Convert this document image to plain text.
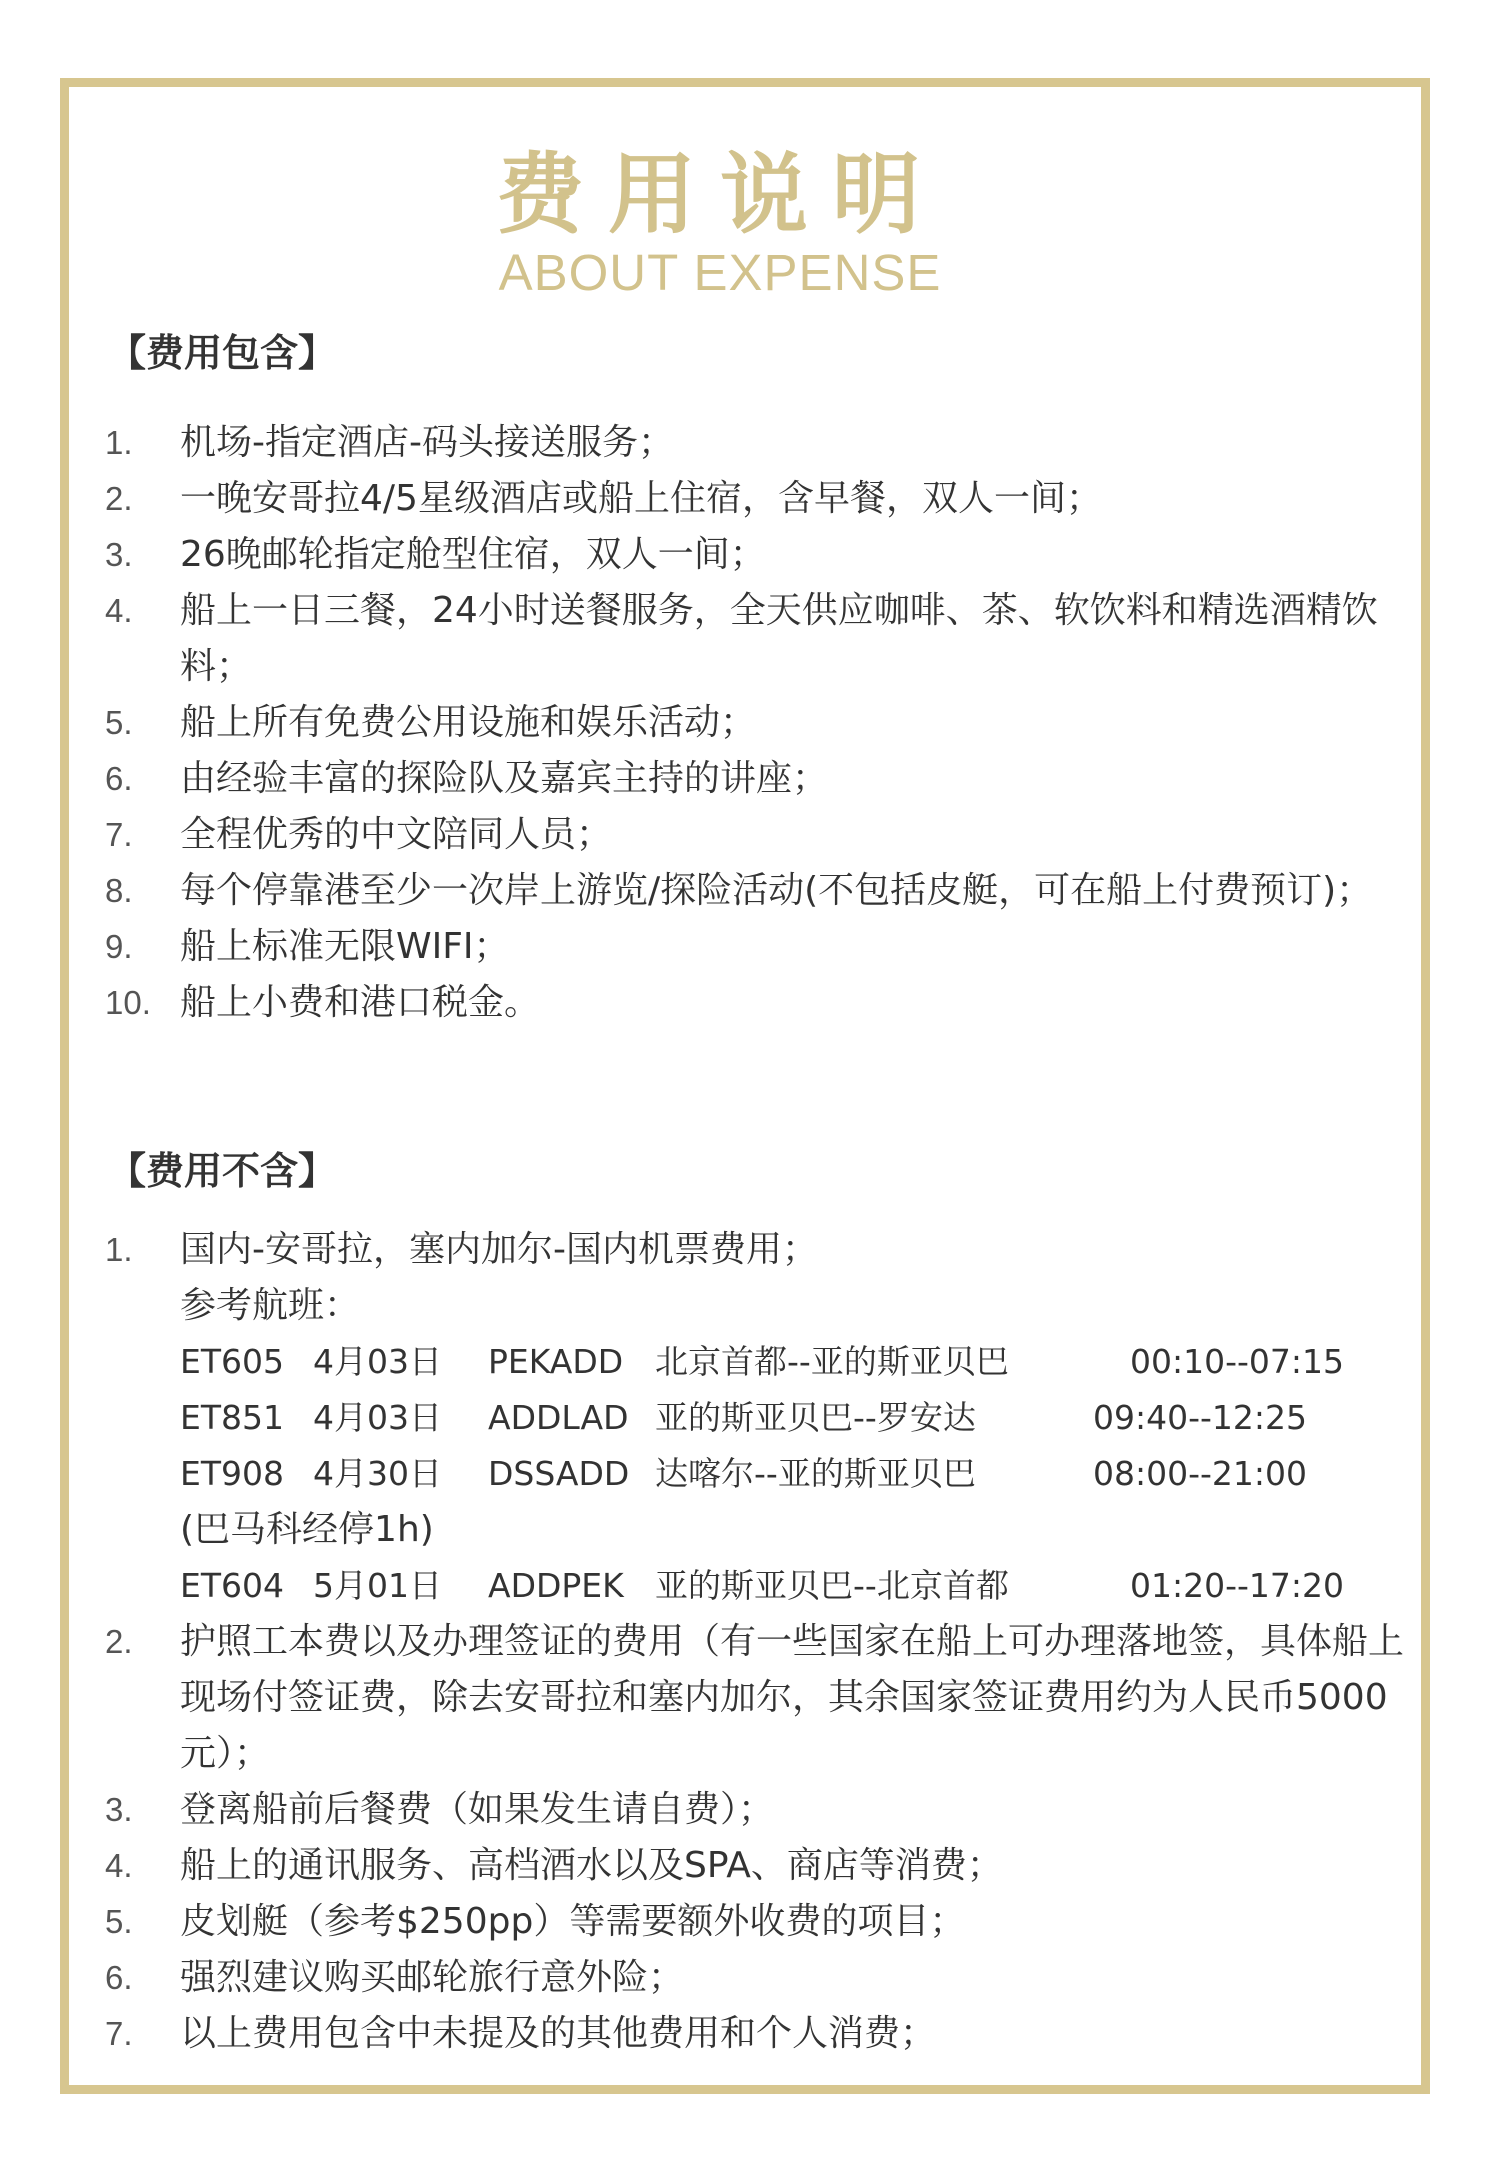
费用说明
ABOUT EXPENSE
【费用包含】
1.	机场-指定酒店-码头接送服务；
2.	一晚安哥拉4/5星级酒店或船上住宿，含早餐，双人一间；
3.	26晚邮轮指定舱型住宿，双人一间；
4.	船上一日三餐，24小时送餐服务，全天供应咖啡、茶、软饮料和精选酒精饮料；
5.	船上所有免费公用设施和娱乐活动；
6.	由经验丰富的探险队及嘉宾主持的讲座；
7.	全程优秀的中文陪同人员；
8.	每个停靠港至少一次岸上游览/探险活动(不包括皮艇，可在船上付费预订)；
9.	船上标准无限WIFI；
10. 船上小费和港口税金。
【费用不含】
1.	国内-安哥拉，塞内加尔-国内机票费用；
参考航班：
ET605 4月03日 PEKADD 北京首都--亚的斯亚贝巴	00:10--07:15
ET851 4月03日 ADDLAD 亚的斯亚贝巴--罗安达	09:40--12:25
ET908 4月30日 DSSADD 达喀尔--亚的斯亚贝巴	08:00--21:00
(巴马科经停1h)
ET604 5月01日 ADDPEK 亚的斯亚贝巴--北京首都	01:20--17:20
2.	护照工本费以及办理签证的费用（有一些国家在船上可办理落地签，具体船上现场付签证费，除去安哥拉和塞内加尔，其余国家签证费用约为人民币5000元）；
3.	登离船前后餐费（如果发生请自费）；
4.	船上的通讯服务、高档酒水以及SPA、商店等消费；
5.	皮划艇（参考$250pp）等需要额外收费的项目；
6.	强烈建议购买邮轮旅行意外险；
7.	以上费用包含中未提及的其他费用和个人消费；
